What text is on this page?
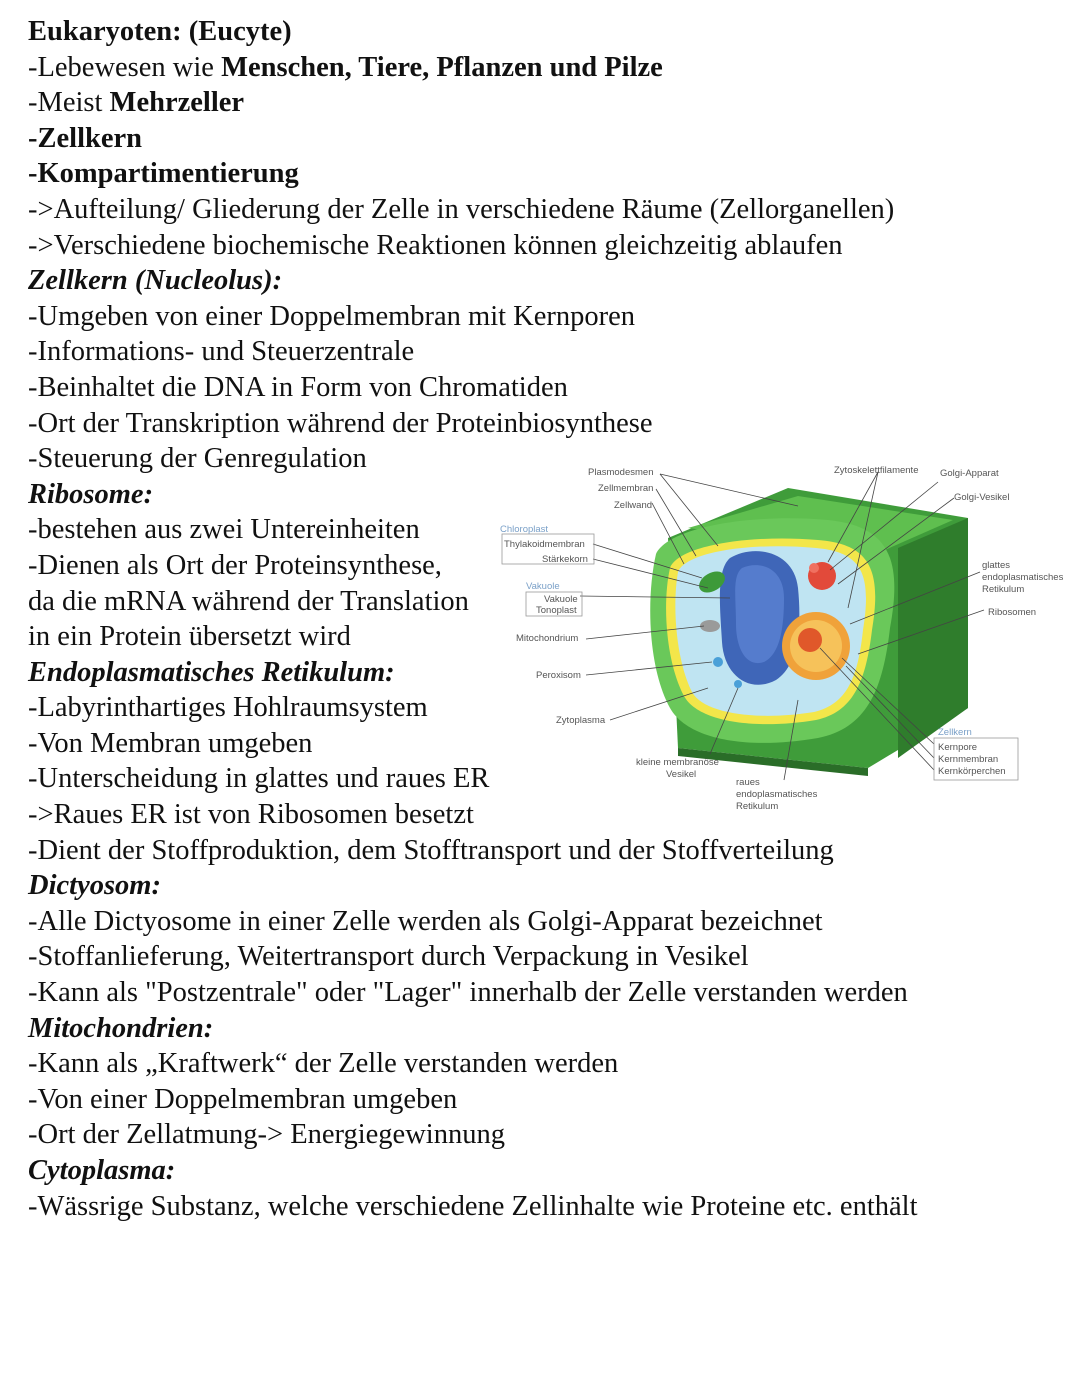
Eukaryoten: (Eucyte)
-Lebewesen wie Menschen, Tiere, Pflanzen und Pilze
-Meist Mehrzeller
-Zellkern
-Kompartimentierung
->Aufteilung/ Gliederung der Zelle in verschiedene Räume (Zellorganellen)
->Verschiedene biochemische Reaktionen können gleichzeitig ablaufen
Zellkern (Nucleolus):
-Umgeben von einer Doppelmembran mit Kernporen
-Informations- und Steuerzentrale
-Beinhaltet die DNA in Form von Chromatiden
-Ort der Transkription während der Proteinbiosynthese
-Steuerung der Genregulation
Ribosome:
-bestehen aus zwei Untereinheiten
-Dienen als Ort der Proteinsynthese,
da die mRNA während der Translation
in ein Protein übersetzt wird
Endoplasmatisches Retikulum:
-Labyrinthartiges Hohlraumsystem
-Von Membran umgeben
-Unterscheidung in glattes und raues ER
->Raues ER ist von Ribosomen besetzt
-Dient der Stoffproduktion, dem Stofftransport und der Stoffverteilung
Dictyosom:
-Alle Dictyosome in einer Zelle werden als Golgi-Apparat bezeichnet
-Stoffanlieferung, Weitertransport durch Verpackung in Vesikel
-Kann als "Postzentrale" oder "Lager" innerhalb der Zelle verstanden werden
Mitochondrien:
-Kann als „Kraftwerk“ der Zelle verstanden werden
-Von einer Doppelmembran umgeben
-Ort der Zellatmung-> Energiegewinnung
Cytoplasma:
-Wässrige Substanz, welche verschiedene Zellinhalte wie Proteine etc. enthält
Plasmodesmen
Zellmembran
Zellwand
Chloroplast
Thylakoidmembran
Stärkekorn
Vakuole
Vakuole
Tonoplast
Mitochondrium
Peroxisom
Zytoplasma
kleine membranöse
Vesikel
raues
endoplasmatisches
Retikulum
Zytoskelettfilamente Golgi-Apparat
Golgi-Vesikel
glattes
endoplasmatisches
Retikulum
Ribosomen
Zellkern
Kernpore
Kernmembran
Kernkörperchen
